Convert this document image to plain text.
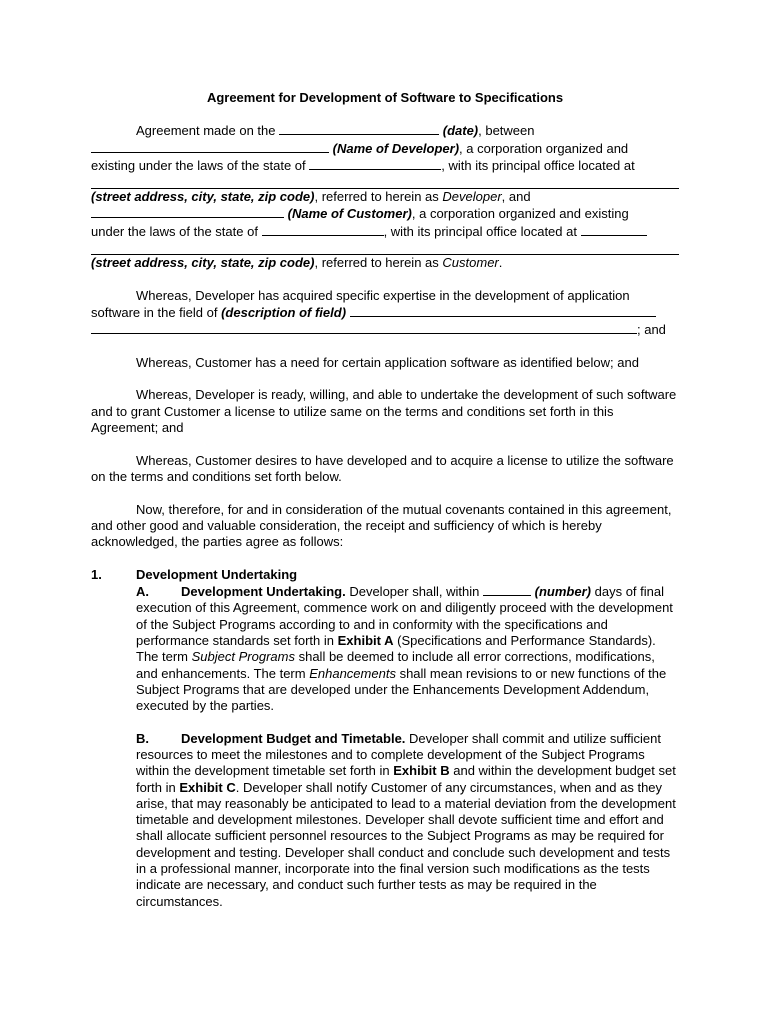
Agreement for Development of Software to Specifications

Agreement made on the	(date), between
(Name of Developer), a corporation organized and
existing under the laws of the state of	, with its principal office located at
(street address, city, state, zip code), referred to herein as Developer, and
(Name of Customer), a corporation organized and existing
under the laws of the state of	, with its principal office located at
(street address, city, state, zip code), referred to herein as Customer.

Whereas, Developer has acquired specific expertise in the development of application software in the field of (description of field)
; and

Whereas, Customer has a need for certain application software as identified below; and

Whereas, Developer is ready, willing, and able to undertake the development of such software and to grant Customer a license to utilize same on the terms and conditions set forth in this Agreement; and

Whereas, Customer desires to have developed and to acquire a license to utilize the software on the terms and conditions set forth below.

Now, therefore, for and in consideration of the mutual covenants contained in this agreement, and other good and valuable consideration, the receipt and sufficiency of which is hereby acknowledged, the parties agree as follows:

1.	Development Undertaking

A. Development Undertaking. Developer shall, within	(number) days of final execution of this Agreement, commence work on and diligently proceed with the development of the Subject Programs according to and in conformity with the specifications and performance standards set forth in Exhibit A (Specifications and Performance Standards). The term Subject Programs shall be deemed to include all error corrections, modifications, and enhancements. The term Enhancements shall mean revisions to or new functions of the Subject Programs that are developed under the Enhancements Development Addendum, executed by the parties.

B. Development Budget and Timetable. Developer shall commit and utilize sufficient resources to meet the milestones and to complete development of the Subject Programs within the development timetable set forth in Exhibit B and within the development budget set forth in Exhibit C. Developer shall notify Customer of any circumstances, when and as they arise, that may reasonably be anticipated to lead to a material deviation from the development timetable and development milestones. Developer shall devote sufficient time and effort and shall allocate sufficient personnel resources to the Subject Programs as may be required for development and testing. Developer shall conduct and conclude such development and tests in a professional manner, incorporate into the final version such modifications as the tests indicate are necessary, and conduct such further tests as may be required in the circumstances.
